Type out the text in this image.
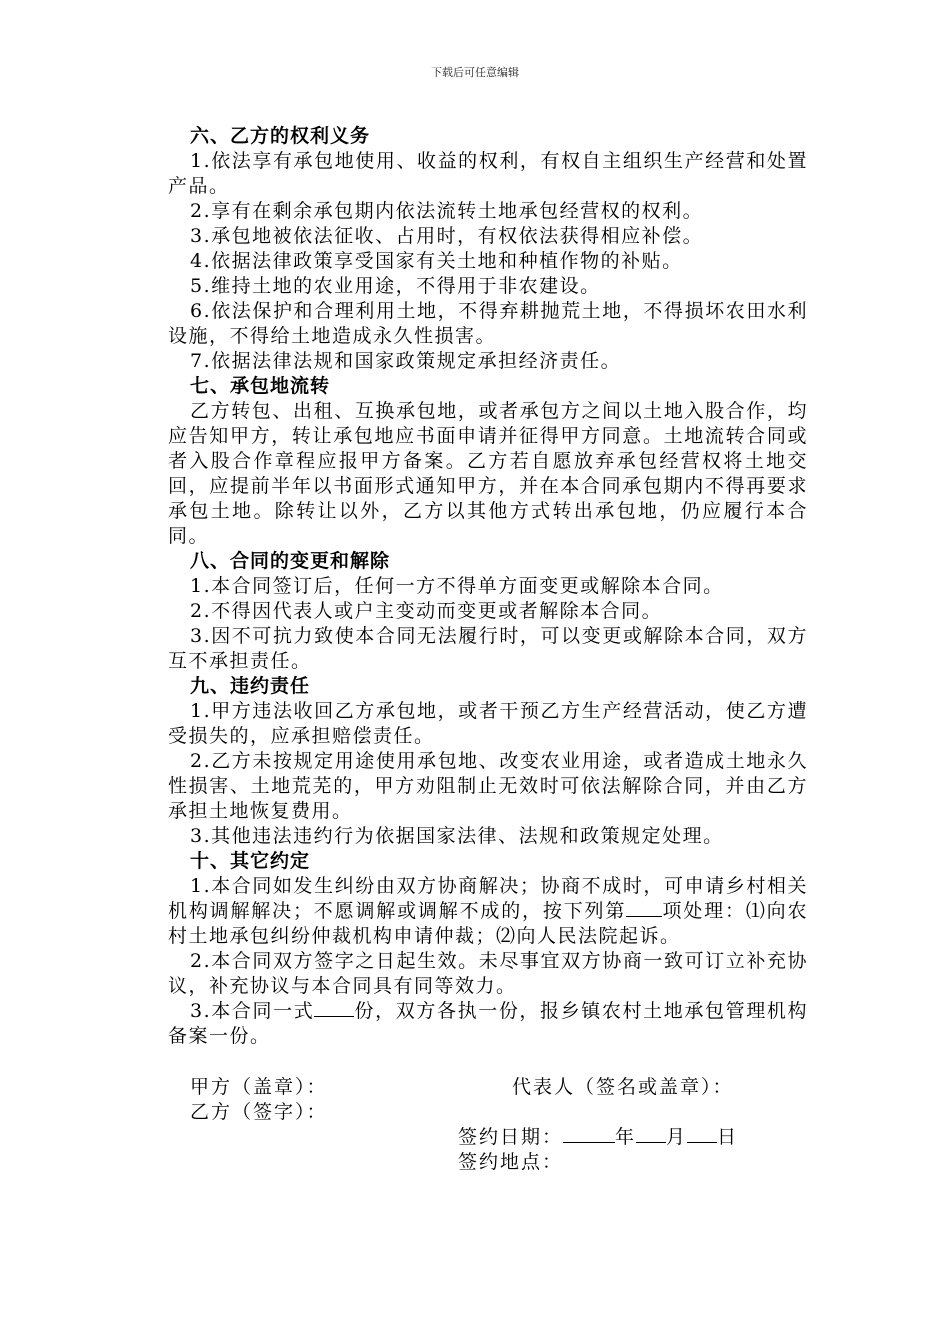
下载后可任意编辑
六、乙方的权利义务
1.依法享有承包地使用、收益的权利，有权自主组织生产经营和处置产品。
2.享有在剩余承包期内依法流转土地承包经营权的权利。
3.承包地被依法征收、占用时，有权依法获得相应补偿。
4.依据法律政策享受国家有关土地和种植作物的补贴。
5.维持土地的农业用途，不得用于非农建设。
6.依法保护和合理利用土地，不得弃耕抛荒土地，不得损坏农田水利设施，不得给土地造成永久性损害。
7.依据法律法规和国家政策规定承担经济责任。
七、承包地流转
乙方转包、出租、互换承包地，或者承包方之间以土地入股合作，均应告知甲方，转让承包地应书面申请并征得甲方同意。土地流转合同或者入股合作章程应报甲方备案。乙方若自愿放弃承包经营权将土地交回，应提前半年以书面形式通知甲方，并在本合同承包期内不得再要求承包土地。除转让以外，乙方以其他方式转出承包地，仍应履行本合同。
八、合同的变更和解除
1.本合同签订后，任何一方不得单方面变更或解除本合同。
2.不得因代表人或户主变动而变更或者解除本合同。
3.因不可抗力致使本合同无法履行时，可以变更或解除本合同，双方互不承担责任。
九、违约责任
1.甲方违法收回乙方承包地，或者干预乙方生产经营活动，使乙方遭受损失的，应承担赔偿责任。
2.乙方未按规定用途使用承包地、改变农业用途，或者造成土地永久性损害、土地荒芜的，甲方劝阻制止无效时可依法解除合同，并由乙方承担土地恢复费用。
3.其他违法违约行为依据国家法律、法规和政策规定处理。
十、其它约定
1.本合同如发生纠纷由双方协商解决；协商不成时，可申请乡村相关机构调解解决；不愿调解或调解不成的，按下列第 项处理：⑴向农村土地承包纠纷仲裁机构申请仲裁；⑵向人民法院起诉。
2.本合同双方签字之日起生效。未尽事宜双方协商一致可订立补充协议，补充协议与本合同具有同等效力。
3.本合同一式 份，双方各执一份，报乡镇农村土地承包管理机构备案一份。
甲方（盖章）：	代表人（签名或盖章）：
乙方（签字）：
签约日期：	年 月 日
签约地点：
